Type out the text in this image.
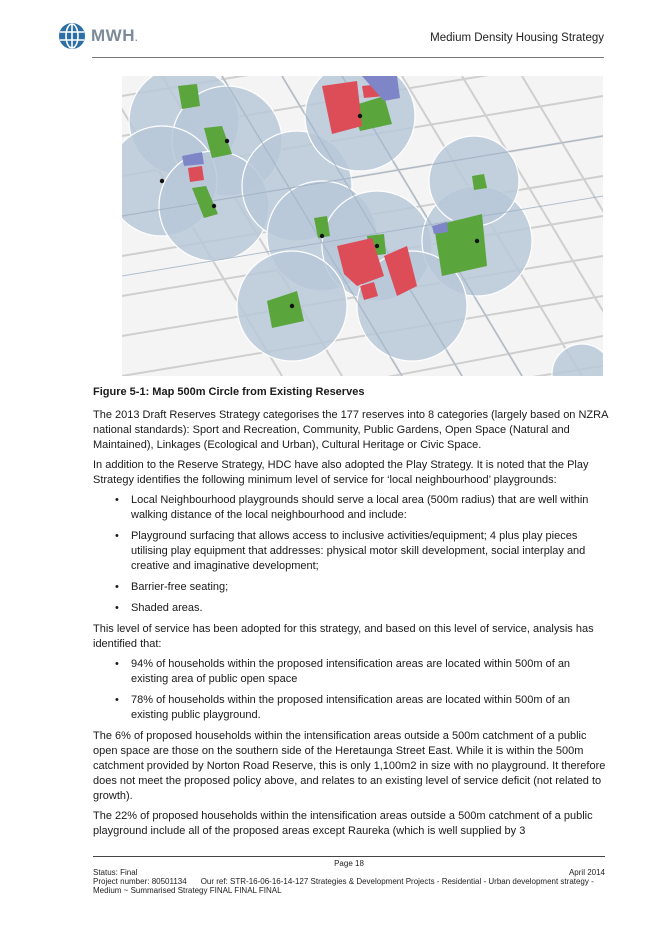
MWH.	Medium Density Housing Strategy

Figure 5-1: Map 500m Circle from Existing Reserves

The 2013 Draft Reserves Strategy categorises the 177 reserves into 8 categories (largely based on NZRA national standards): Sport and Recreation, Community, Public Gardens, Open Space (Natural and Maintained), Linkages (Ecological and Urban), Cultural Heritage or Civic Space.

In addition to the Reserve Strategy, HDC have also adopted the Play Strategy. It is noted that the Play Strategy identifies the following minimum level of service for ‘local neighbourhood’ playgrounds:

• Local Neighbourhood playgrounds should serve a local area (500m radius) that are well within walking distance of the local neighbourhood and include:
• Playground surfacing that allows access to inclusive activities/equipment; 4 plus play pieces utilising play equipment that addresses: physical motor skill development, social interplay and creative and imaginative development;
• Barrier-free seating;
• Shaded areas.

This level of service has been adopted for this strategy, and based on this level of service, analysis has identified that:

• 94% of households within the proposed intensification areas are located within 500m of an existing area of public open space
• 78% of households within the proposed intensification areas are located within 500m of an existing public playground.

The 6% of proposed households within the intensification areas outside a 500m catchment of a public open space are those on the southern side of the Heretaunga Street East. While it is within the 500m catchment provided by Norton Road Reserve, this is only 1,100m2 in size with no playground. It therefore does not meet the proposed policy above, and relates to an existing level of service deficit (not related to growth).

The 22% of proposed households within the intensification areas outside a 500m catchment of a public playground include all of the proposed areas except Raureka (which is well supplied by 3

Page 18
Status: Final	April 2014
Project number: 80501134 Our ref: STR-16-06-16-14-127 Strategies & Development Projects - Residential - Urban development strategy -
Medium ~ Summarised Strategy FINAL FINAL FINAL
